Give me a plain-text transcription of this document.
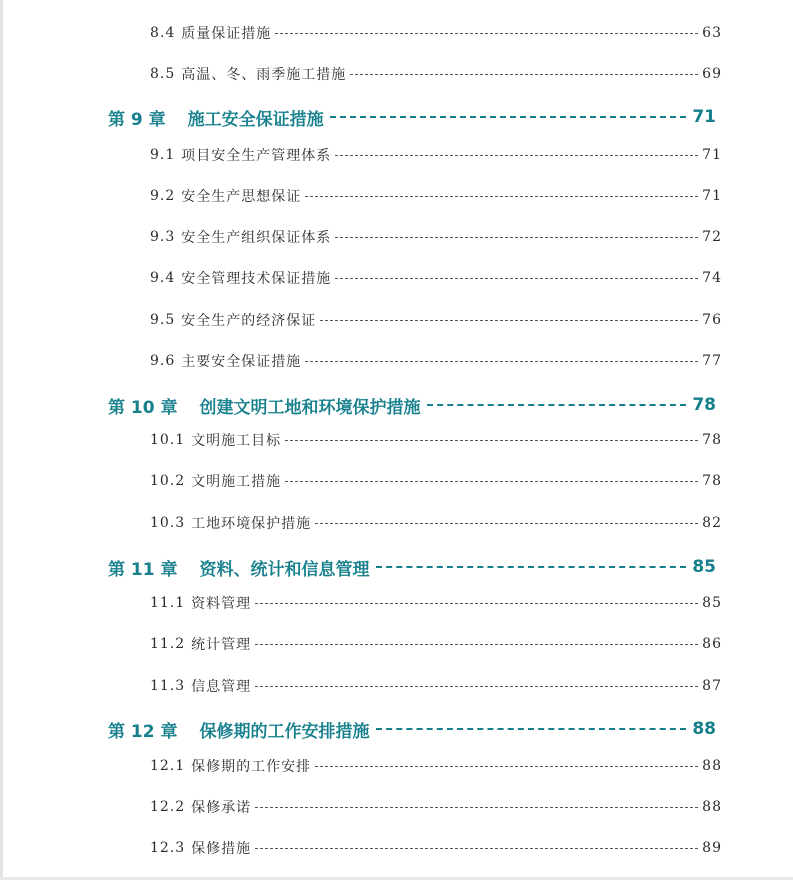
8.4 质量保证措施	63
8.5 高温、冬、雨季施工措施	69
第 9 章 施工安全保证措施	71
9.1 项目安全生产管理体系	71
9.2 安全生产思想保证	71
9.3 安全生产组织保证体系	72
9.4 安全管理技术保证措施	74
9.5 安全生产的经济保证	76
9.6 主要安全保证措施	77
第 10 章 创建文明工地和环境保护措施	78
10.1 文明施工目标	78
10.2 文明施工措施	78
10.3 工地环境保护措施	82
第 11 章 资料、统计和信息管理	85
11.1 资料管理	85
11.2 统计管理	86
11.3 信息管理	87
第 12 章 保修期的工作安排措施	88
12.1 保修期的工作安排	88
12.2 保修承诺	88
12.3 保修措施	89
